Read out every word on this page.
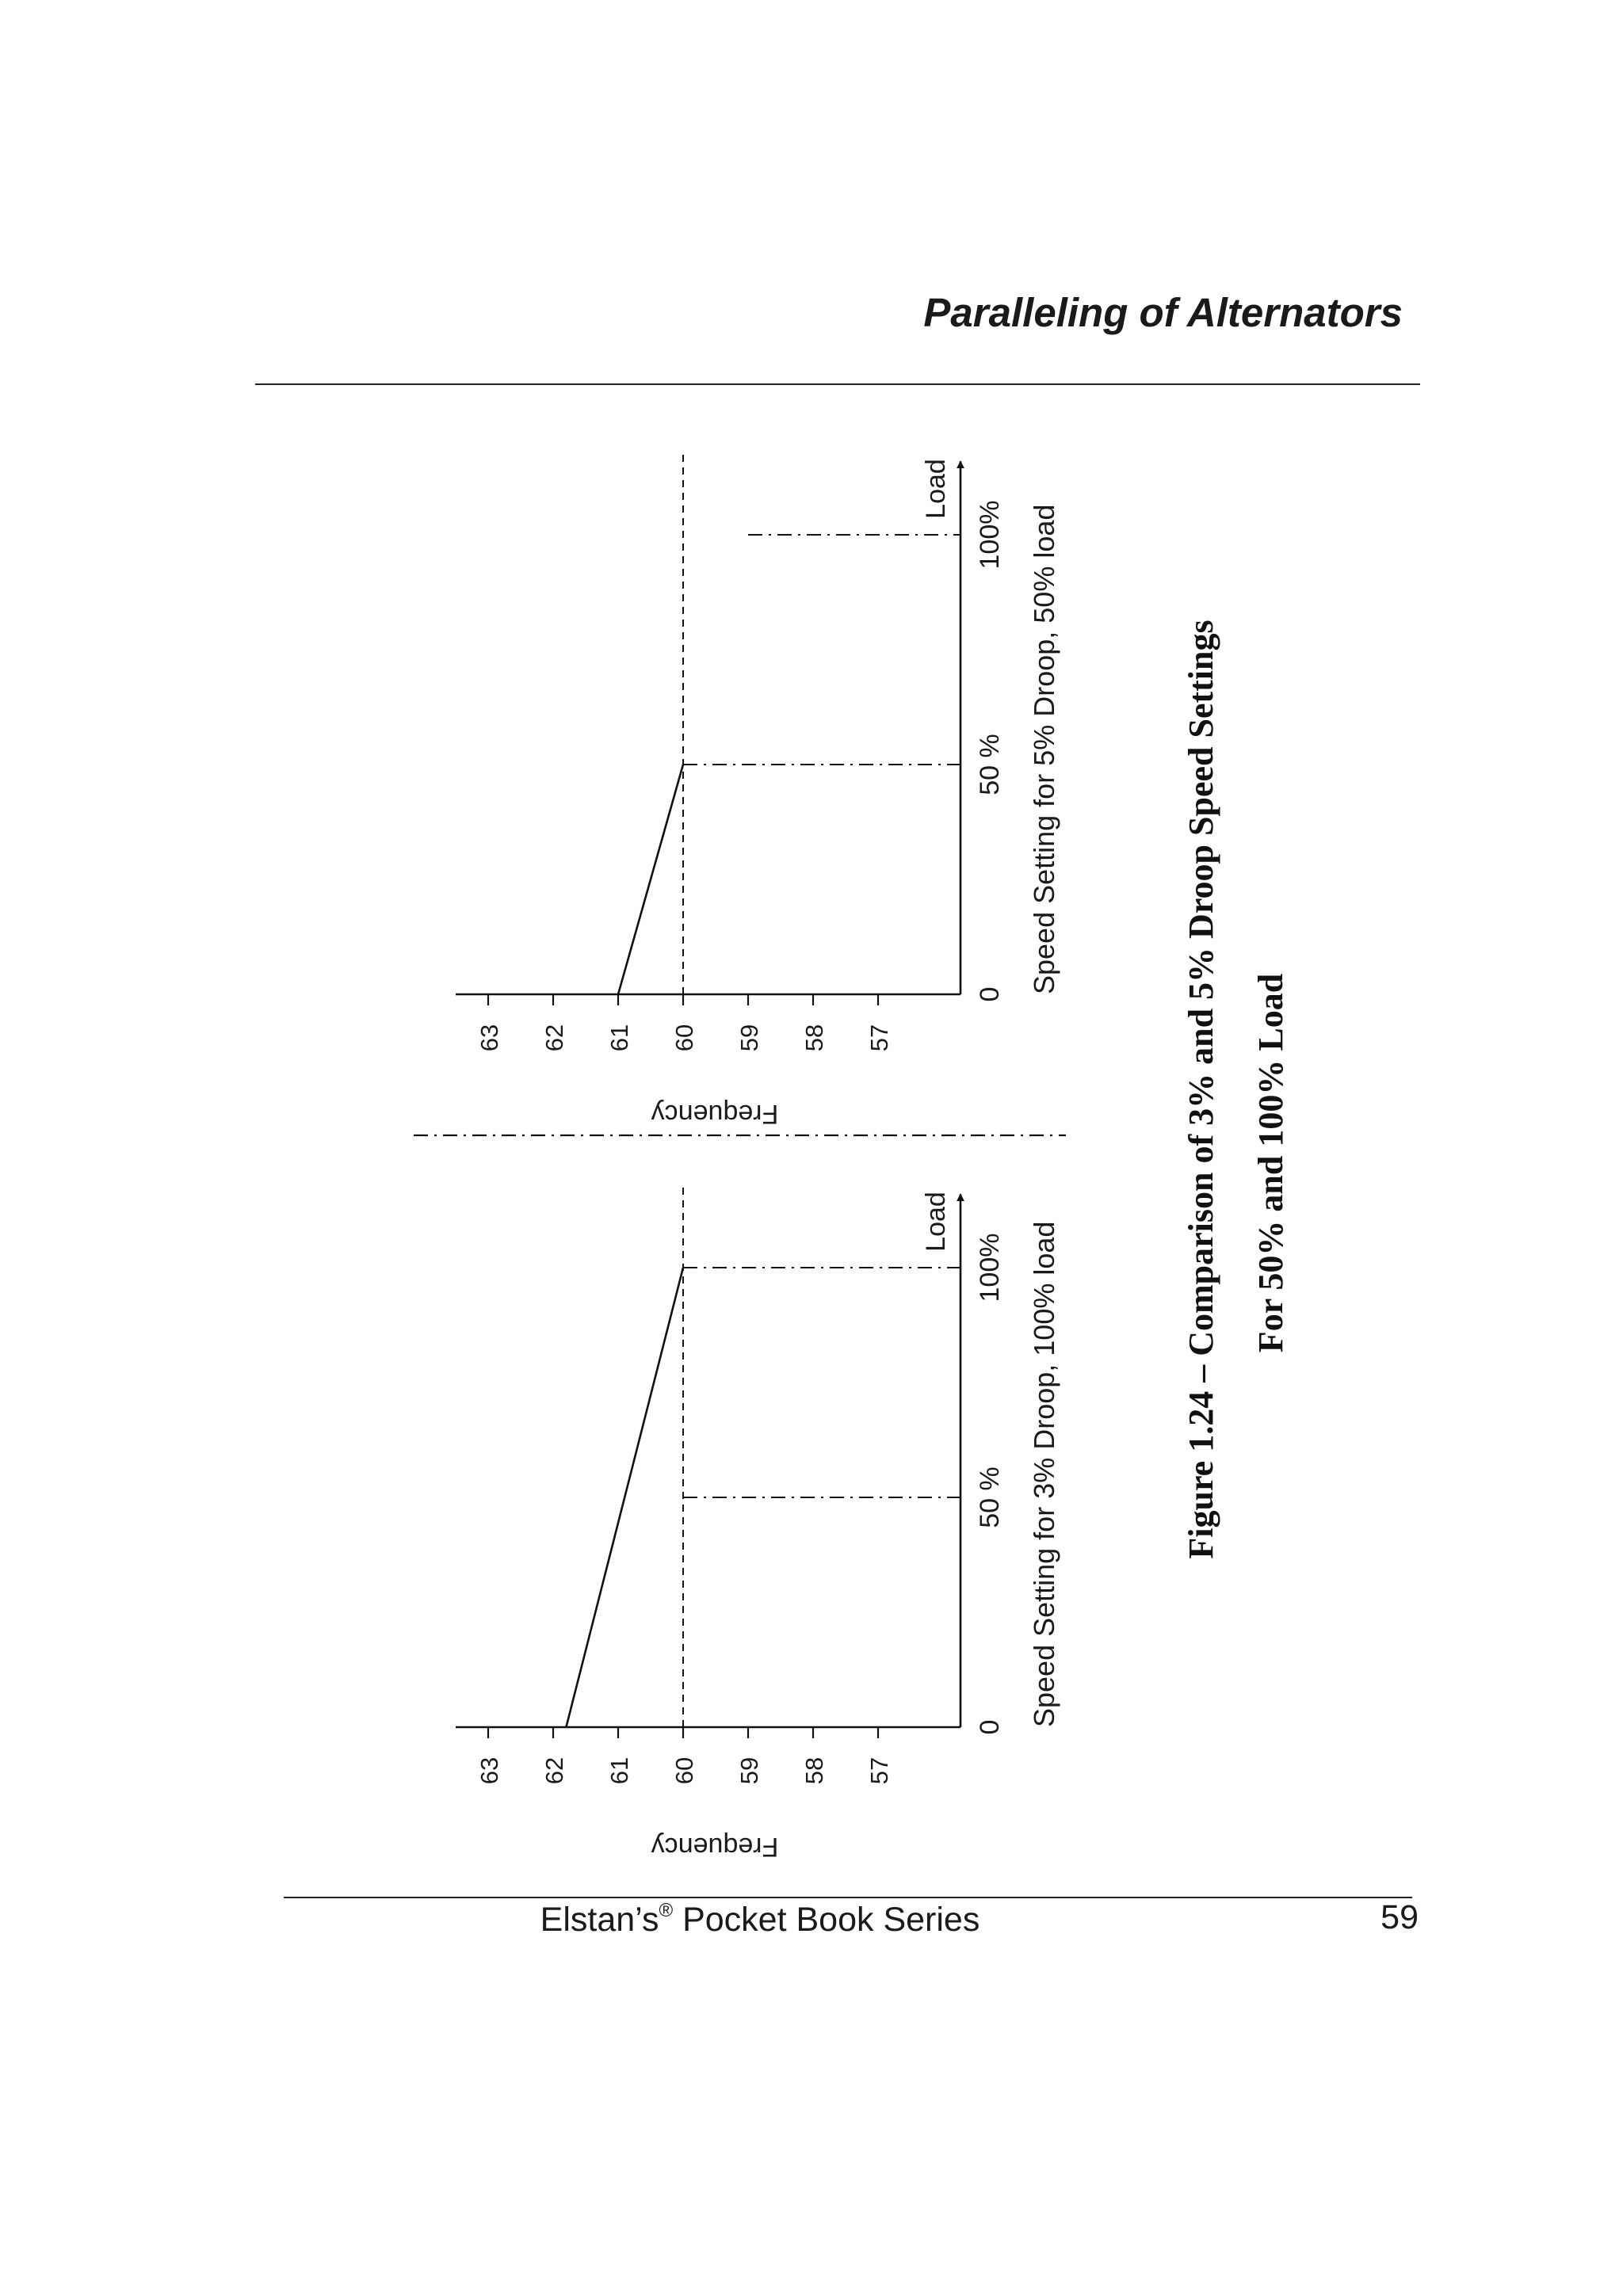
Paralleling of Alternators
63 62 61 60 59 58 57
Frequency
0
50 %
100%
Load	Speed Setting for 3% Droop, 100% load
63 62 61 60 59 58 57
Frequency
0
50 %
100%
Load
Speed Setting for 5% Droop, 50% load	Figure 1.24 – Comparison of 3% and 5% Droop Speed Settings For 50% and 100% Load
Elstan’s® Pocket Book Series	59
